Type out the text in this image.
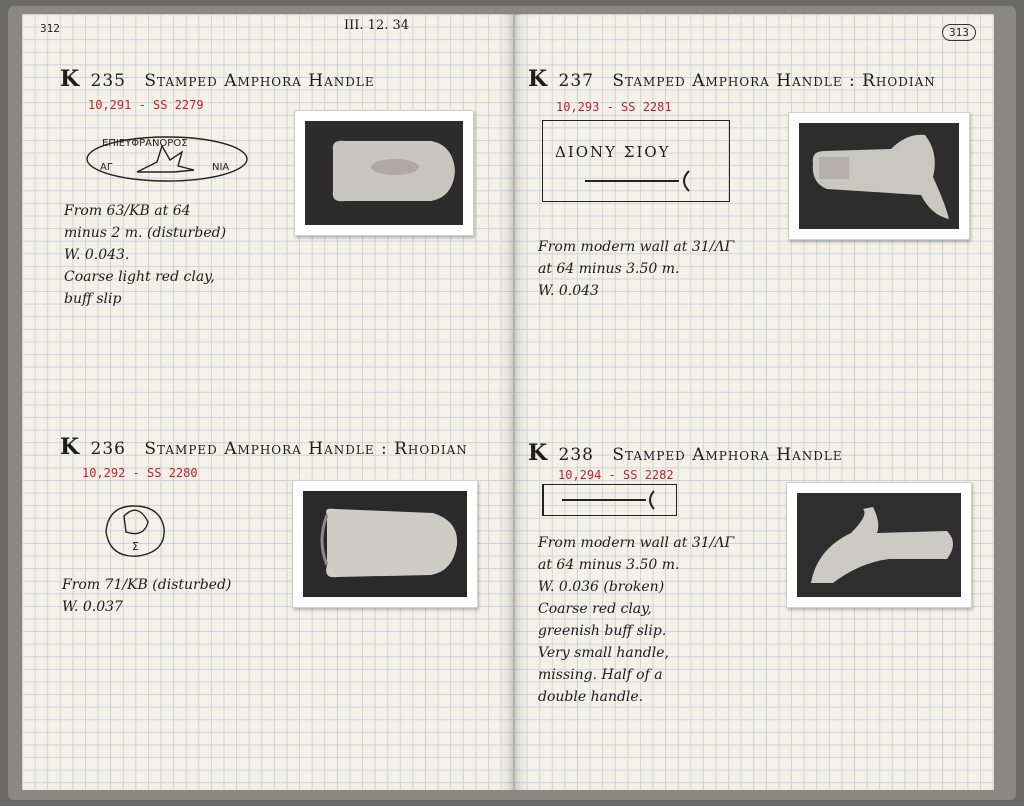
312	III. 12. 34
K 235 Stamped Amphora Handle
10,291 - SS 2279
ΕΠΙΕΥΦΡΑΝΟΡΟΣ
ΑΓ	ΝΙΑ
From 63/KB at 64
minus 2 m. (disturbed)
W. 0.043.
Coarse light red clay,
buff slip
K 236 Stamped Amphora Handle : Rhodian
10,292 - SS 2280
Σ
From 71/KB (disturbed)
W. 0.037
313
K 237 Stamped Amphora Handle : Rhodian
10,293 - SS 2281
ΔΙΟΝΥ ΣΙΟΥ
From modern wall at 31/ΛΓ
at 64 minus 3.50 m.
W. 0.043
K 238 Stamped Amphora Handle
10,294 - SS 2282
From modern wall at 31/ΛΓ
at 64 minus 3.50 m.
W. 0.036 (broken)
Coarse red clay,
greenish buff slip.
Very small handle,
missing. Half of a
double handle.
